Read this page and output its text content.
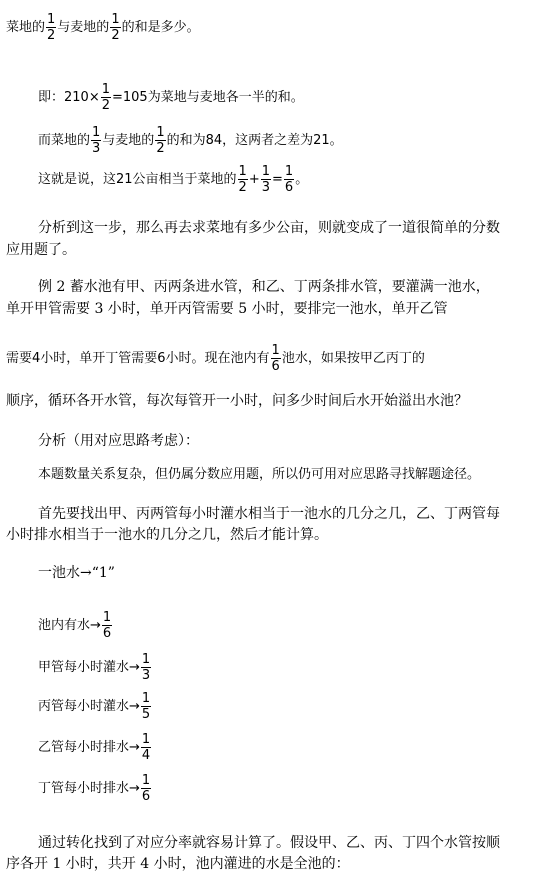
菜地的 $\frac{1}{2}$ 与麦地的 $\frac{1}{2}$ 的和是多少。
即：$210\times \frac{1}{2} =105$为菜地与麦地各一半的和。
而菜地的 $\frac{1}{3}$ 与麦地的 $\frac{1}{2}$ 的和为84，这两者之差为21。
这就是说，这21公亩相当于菜地的 $\frac{1}{2} + \frac{1}{3} = \frac{1}{6}$ 。
分析到这一步，那么再去求菜地有多少公亩，则就变成了一道很简单的分数
应用题了。
例 2 蓄水池有甲、丙两条进水管，和乙、丁两条排水管，要灌满一池水，
单开甲管需要 3 小时，单开丙管需要 5 小时，要排完一池水，单开乙管
需要4小时，单开丁管需要6小时。现在池内有 $\frac{1}{6}$ 池水，如果按甲乙丙丁的
顺序，循环各开水管，每次每管开一小时，问多少时间后水开始溢出水池？
分析（用对应思路考虑）：
本题数量关系复杂，但仍属分数应用题，所以仍可用对应思路寻找解题途径。
首先要找出甲、丙两管每小时灌水相当于一池水的几分之几，乙、丁两管每
小时排水相当于一池水的几分之几，然后才能计算。
一池水→“1”
池内有水→ $\frac{1}{6}$
甲管每小时灌水→ $\frac{1}{3}$
丙管每小时灌水→ $\frac{1}{5}$
乙管每小时排水→ $\frac{1}{4}$
丁管每小时排水→ $\frac{1}{6}$
通过转化找到了对应分率就容易计算了。假设甲、乙、丙、丁四个水管按顺
序各开 1 小时，共开 4 小时，池内灌进的水是全池的：
